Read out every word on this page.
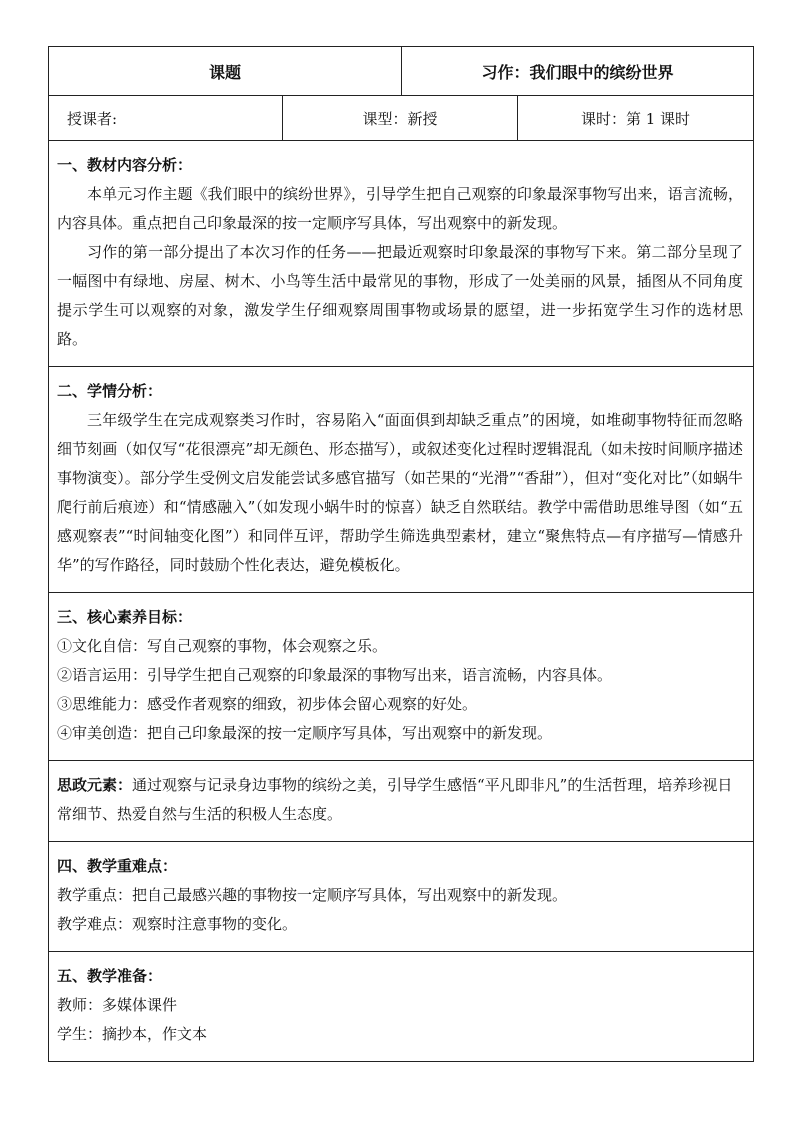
课题	习作：我们眼中的缤纷世界
授课者:	课型：新授	课时：第 1 课时

一、教材内容分析：

本单元习作主题《我们眼中的缤纷世界》，引导学生把自己观察的印象最深事物写出来，语言流畅，内容具体。重点把自己印象最深的按一定顺序写具体，写出观察中的新发现。

习作的第一部分提出了本次习作的任务——把最近观察时印象最深的事物写下来。第二部分呈现了一幅图中有绿地、房屋、树木、小鸟等生活中最常见的事物，形成了一处美丽的风景，插图从不同角度提示学生可以观察的对象，激发学生仔细观察周围事物或场景的愿望，进一步拓宽学生习作的选材思路。

二、学情分析：

三年级学生在完成观察类习作时，容易陷入“面面俱到却缺乏重点”的困境，如堆砌事物特征而忽略细节刻画（如仅写“花很漂亮”却无颜色、形态描写），或叙述变化过程时逻辑混乱（如未按时间顺序描述事物演变）。部分学生受例文启发能尝试多感官描写（如芒果的“光滑”“香甜”），但对“变化对比”（如蜗牛爬行前后痕迹）和“情感融入”（如发现小蜗牛时的惊喜）缺乏自然联结。教学中需借助思维导图（如“五感观察表”“时间轴变化图”）和同伴互评，帮助学生筛选典型素材，建立“聚焦特点—有序描写—情感升华”的写作路径，同时鼓励个性化表达，避免模板化。

三、核心素养目标：

①文化自信：写自己观察的事物，体会观察之乐。

②语言运用：引导学生把自己观察的印象最深的事物写出来，语言流畅，内容具体。

③思维能力：感受作者观察的细致，初步体会留心观察的好处。

④审美创造：把自己印象最深的按一定顺序写具体，写出观察中的新发现。

思政元素：通过观察与记录身边事物的缤纷之美，引导学生感悟“平凡即非凡”的生活哲理，培养珍视日常细节、热爱自然与生活的积极人生态度。

四、教学重难点：

教学重点：把自己最感兴趣的事物按一定顺序写具体，写出观察中的新发现。

教学难点：观察时注意事物的变化。

五、教学准备：

教师：多媒体课件

学生：摘抄本，作文本
